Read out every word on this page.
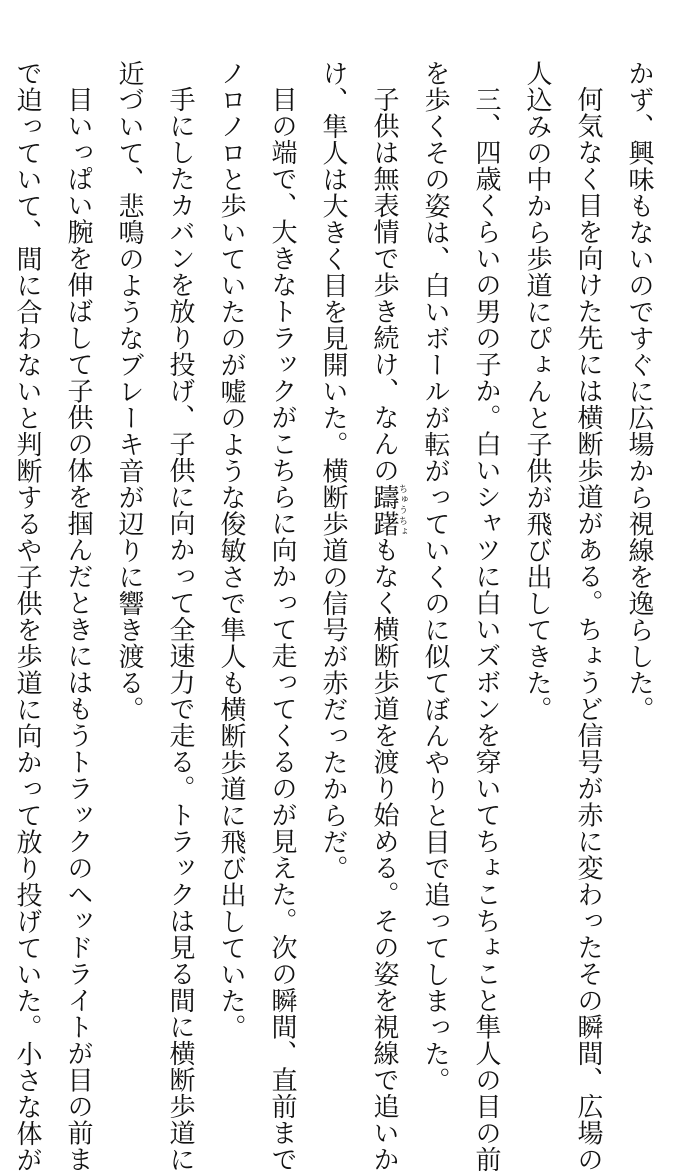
かず、興味もないのですぐに広場から視線を逸らした。
何気なく目を向けた先には横断歩道がある。ちょうど信号が赤に変わったその瞬間、広場の
人込みの中から歩道にぴょんと子供が飛び出してきた。
三、四歳くらいの男の子か。白いシャツに白いズボンを穿いてちょこちょこと隼人の目の前
を歩くその姿は、白いボールが転がっていくのに似てぼんやりと目で追ってしまった。
子供は無表情で歩き続け、なんの躊躇ちゅうちょもなく横断歩道を渡り始める。その姿を視線で追いか
け、隼人は大きく目を見開いた。横断歩道の信号が赤だったからだ。
目の端で、大きなトラックがこちらに向かって走ってくるのが見えた。次の瞬間、直前まで
ノロノロと歩いていたのが嘘のような俊敏さで隼人も横断歩道に飛び出していた。
手にしたカバンを放り投げ、子供に向かって全速力で走る。トラックは見る間に横断歩道に
近づいて、悲鳴のようなブレーキ音が辺りに響き渡る。
目いっぱい腕を伸ばして子供の体を掴んだときにはもうトラックのヘッドライトが目の前ま
で迫っていて、間に合わないと判断するや子供を歩道に向かって放り投げていた。小さな体が
